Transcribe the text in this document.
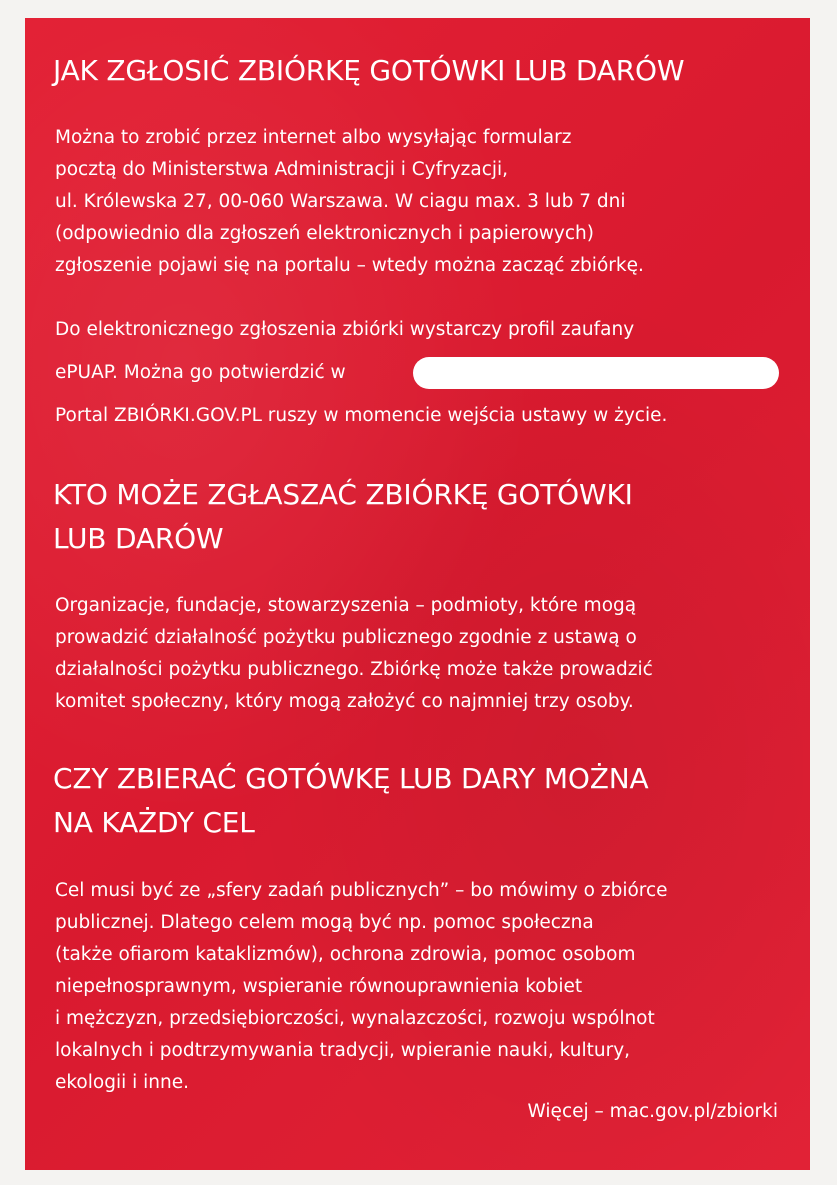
JAK ZGŁOSIĆ ZBIÓRKĘ GOTÓWKI LUB DARÓW
Można to zrobić przez internet albo wysyłając formularz
pocztą do Ministerstwa Administracji i Cyfryzacji,
ul. Królewska 27, 00-060 Warszawa. W ciagu max. 3 lub 7 dni
(odpowiednio dla zgłoszeń elektronicznych i papierowych)
zgłoszenie pojawi się na portalu – wtedy można zacząć zbiórkę.
Do elektronicznego zgłoszenia zbiórki wystarczy profil zaufany
ePUAP. Można go potwierdzić w
Portal ZBIÓRKI.GOV.PL ruszy w momencie wejścia ustawy w życie.
KTO MOŻE ZGŁASZAĆ ZBIÓRKĘ GOTÓWKI
LUB DARÓW
Organizacje, fundacje, stowarzyszenia – podmioty, które mogą
prowadzić działalność pożytku publicznego zgodnie z ustawą o
działalności pożytku publicznego. Zbiórkę może także prowadzić
komitet społeczny, który mogą założyć co najmniej trzy osoby.
CZY ZBIERAĆ GOTÓWKĘ LUB DARY MOŻNA
NA KAŻDY CEL
Cel musi być ze „sfery zadań publicznych” – bo mówimy o zbiórce
publicznej. Dlatego celem mogą być np. pomoc społeczna
(także ofiarom kataklizmów), ochrona zdrowia, pomoc osobom
niepełnosprawnym, wspieranie równouprawnienia kobiet
i mężczyzn, przedsiębiorczości, wynalazczości, rozwoju wspólnot
lokalnych i podtrzymywania tradycji, wpieranie nauki, kultury,
ekologii i inne.
Więcej – mac.gov.pl/zbiorki
